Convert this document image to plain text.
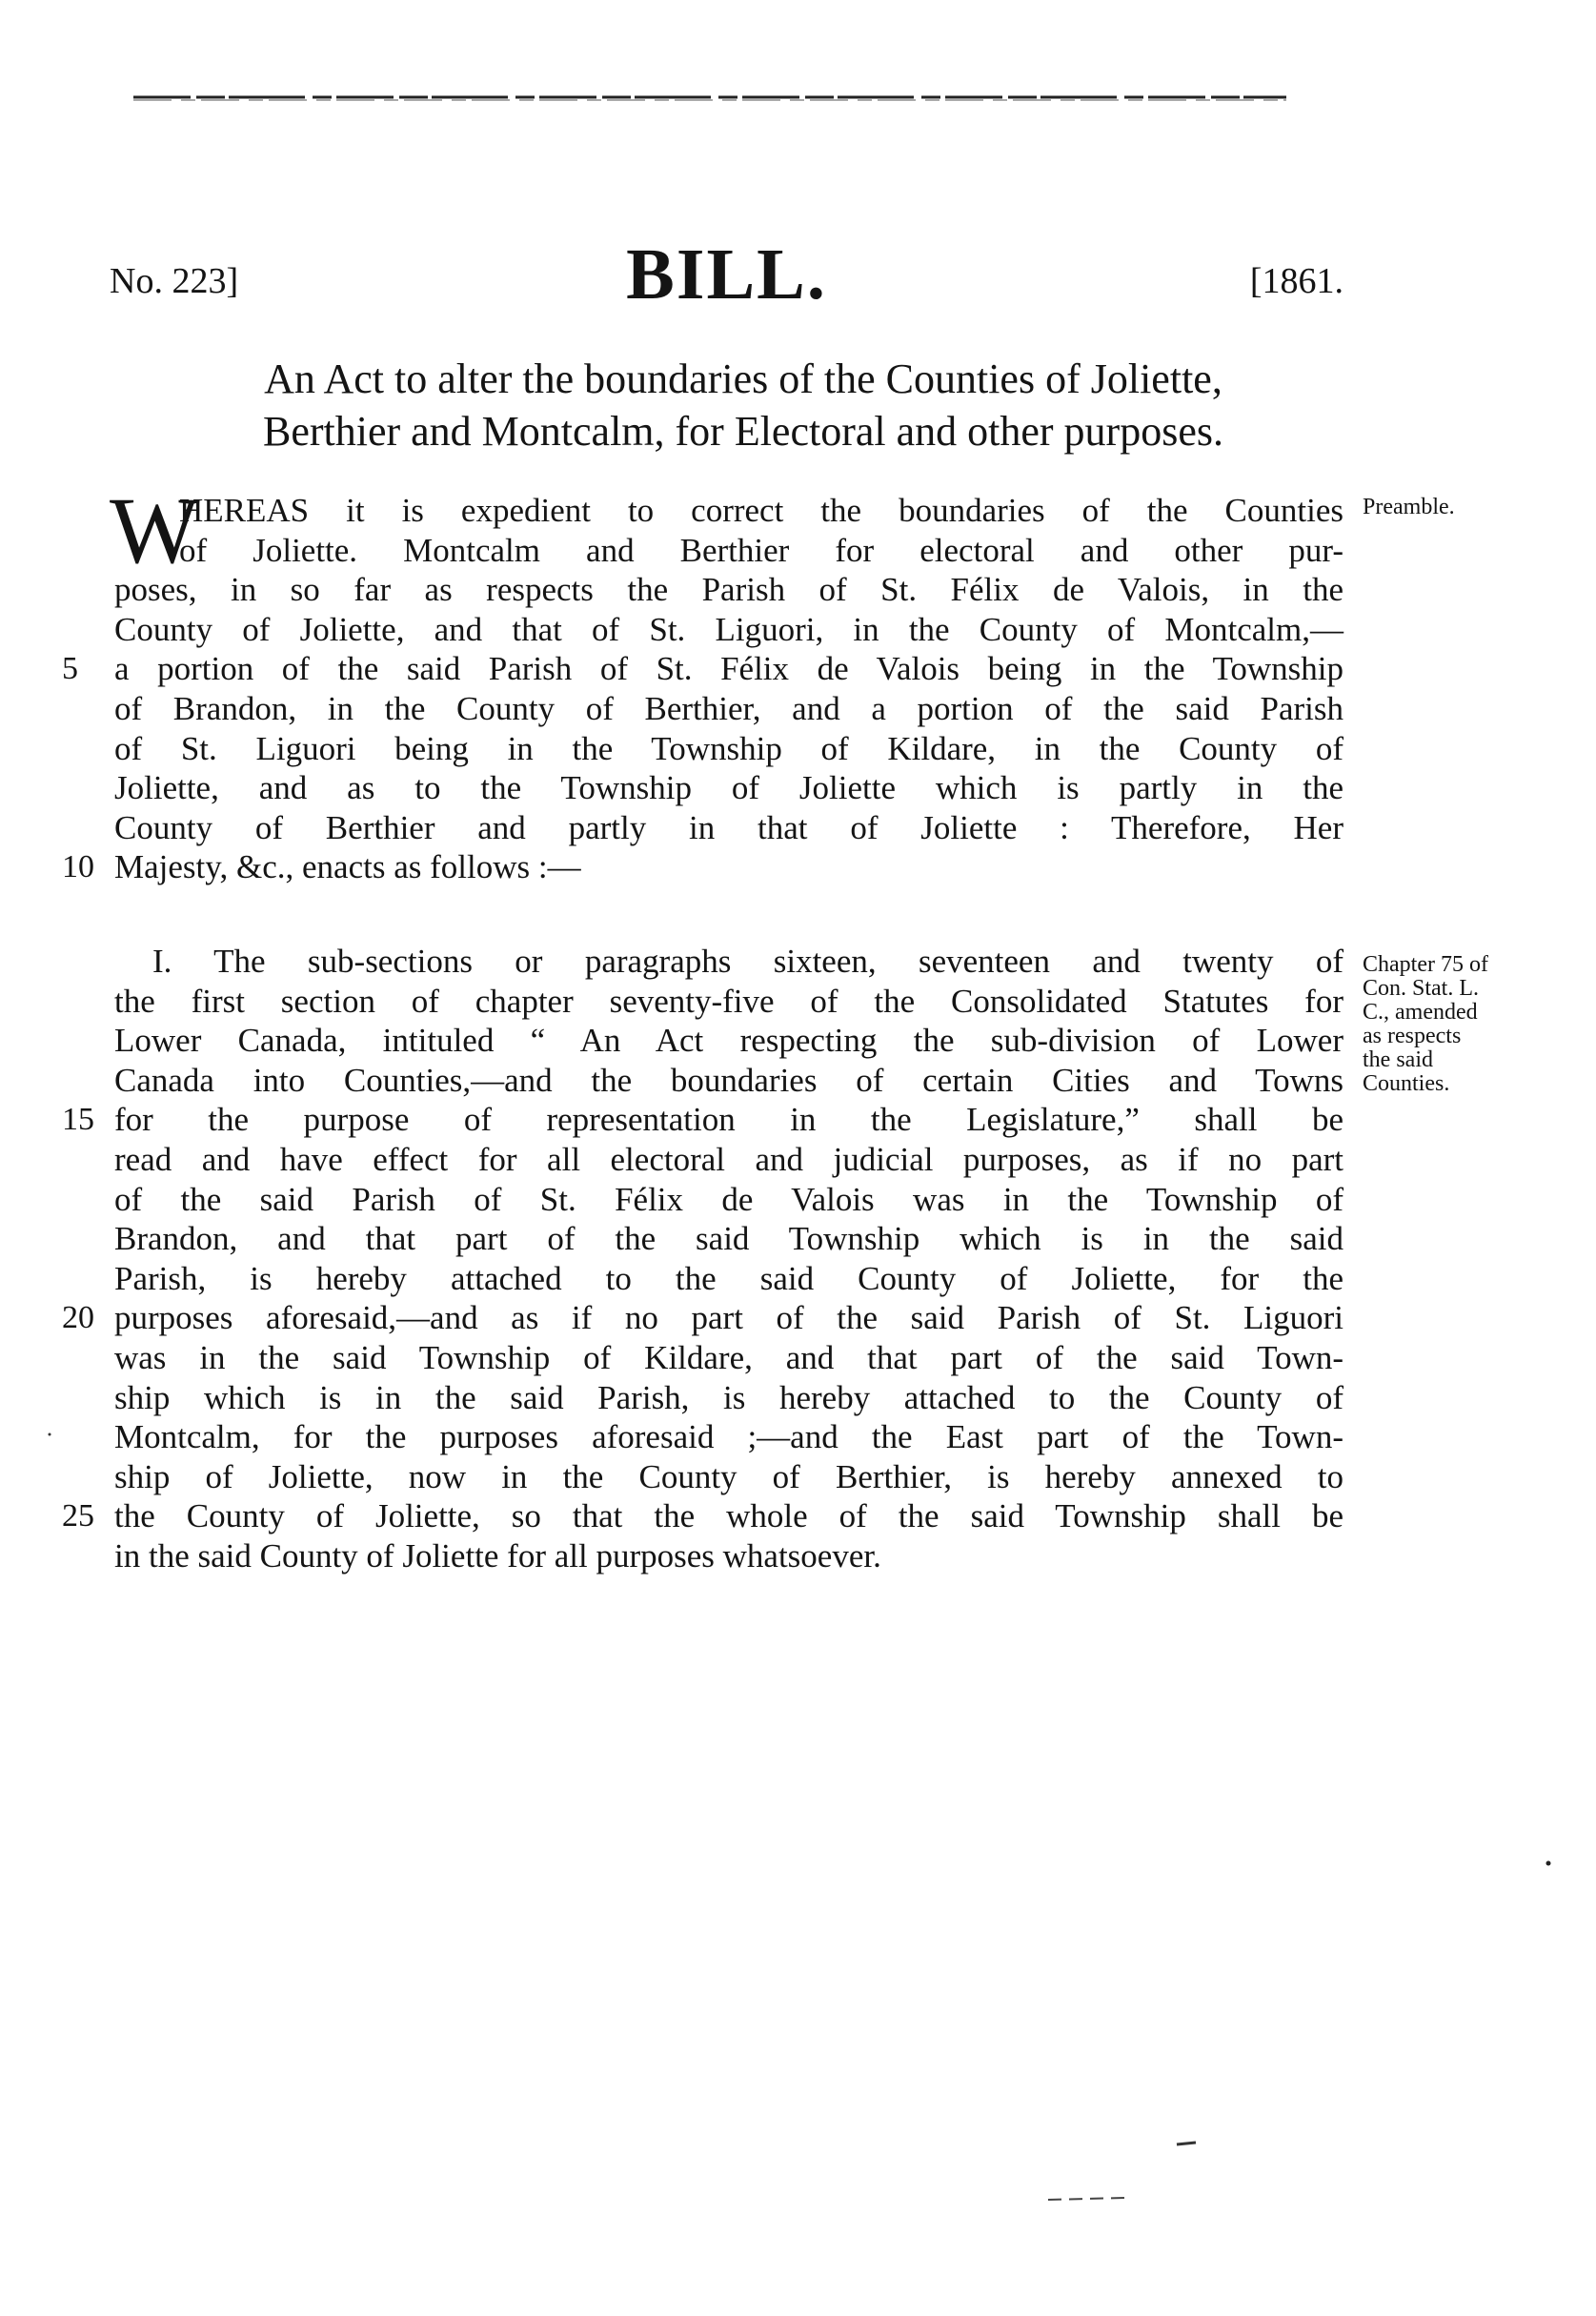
No. 223]	BILL.	[1861.
An Act to alter the boundaries of the Counties of Joliette,
Berthier and Montcalm, for Electoral and other purposes.
W
HEREAS it is expedient to correct the boundaries of the Counties
of Joliette. Montcalm and Berthier for electoral and other pur-
poses, in so far as respects the Parish of St. Félix de Valois, in the
County of Joliette, and that of St. Liguori, in the County of Montcalm,—
5	a portion of the said Parish of St. Félix de Valois being in the Township
of Brandon, in the County of Berthier, and a portion of the said Parish
of St. Liguori being in the Township of Kildare, in the County of
Joliette, and as to the Township of Joliette which is partly in the
County of Berthier and partly in that of Joliette : Therefore, Her
10 Majesty, &c., enacts as follows :—
Preamble.
I. The sub-sections or paragraphs sixteen, seventeen and twenty of
the first section of chapter seventy-five of the Consolidated Statutes for
Lower Canada, intituled “ An Act respecting the sub-division of Lower
Canada into Counties,—and the boundaries of certain Cities and Towns
15 for the purpose of representation in the Legislature,” shall be
read and have effect for all electoral and judicial purposes, as if no part
of the said Parish of St. Félix de Valois was in the Township of
Brandon, and that part of the said Township which is in the said
Parish, is hereby attached to the said County of Joliette, for the
20 purposes aforesaid,—and as if no part of the said Parish of St. Liguori
was in the said Township of Kildare, and that part of the said Town-
ship which is in the said Parish, is hereby attached to the County of
Montcalm, for the purposes aforesaid ;—and the East part of the Town-
ship of Joliette, now in the County of Berthier, is hereby annexed to
25 the County of Joliette, so that the whole of the said Township shall be
in the said County of Joliette for all purposes whatsoever.
Chapter 75 of
Con. Stat. L.
C., amended
as respects
the said
Counties.
